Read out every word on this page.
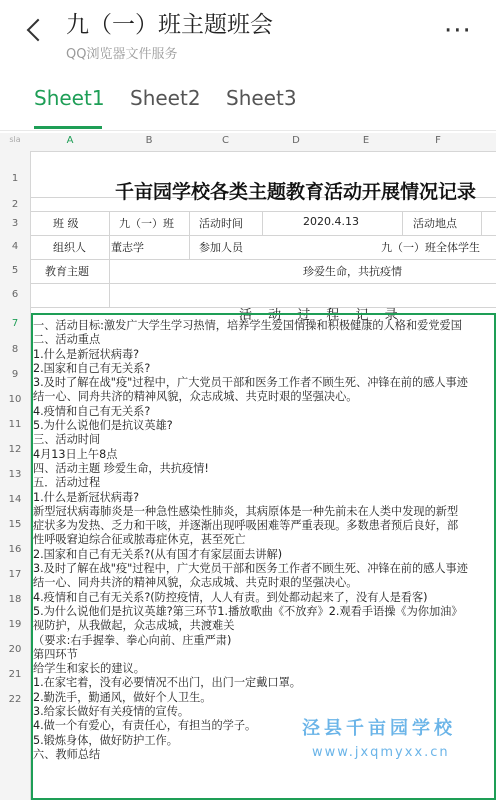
九（一）班主题班会
QQ浏览器文件服务
···
Sheet1 Sheet2 Sheet3
sla	A	B	C	D	E	F
1
2
3
4
5
6
7
8
9
10
11
12
13
14
15
16
17
18
19
20
21
22
千亩园学校各类主题教育活动开展情况记录
班 级	九（一）班 活动时间	2020.4.13	活动地点
组织人 董志学	参加人员	九（一）班全体学生
教育主题	珍爱生命，共抗疫情
活 动 过 程 记 录
一、活动目标:激发广大学生学习热情，培养学生爱国情操和积极健康的人格和爱党爱国
二、活动重点
1.什么是新冠状病毒?
2.国家和自己有无关系?
3.及时了解在战"疫"过程中，广大党员干部和医务工作者不顾生死、冲锋在前的感人事迹
结一心、同舟共济的精神风貌，众志成城、共克时艰的坚强决心。
4.疫情和自己有无关系?
5.为什么说他们是抗议英雄?
三、活动时间
4月13日上午8点
四、活动主题 珍爱生命，共抗疫情!
五．活动过程
1.什么是新冠状病毒?
新型冠状病毒肺炎是一种急性感染性肺炎，其病原体是一种先前未在人类中发现的新型
症状多为发热、乏力和干咳，并逐渐出现呼吸困难等严重表现。多数患者预后良好，部
性呼吸窘迫综合征或脓毒症休克，甚至死亡
2.国家和自己有无关系?(从有国才有家层面去讲解)
3.及时了解在战"疫"过程中，广大党员干部和医务工作者不顾生死、冲锋在前的感人事迹
结一心、同舟共济的精神风貌，众志成城、共克时艰的坚强决心。
4.疫情和自己有无关系?(防控疫情，人人有责。到处都动起来了，没有人是看客)
5.为什么说他们是抗议英雄?第三环节1.播放歌曲《不放弃》2.观看手语操《为你加油》
视防护，从我做起，众志成城，共渡难关
（要求:右手握拳、拳心向前、庄重严肃)
第四环节
给学生和家长的建议。
1.在家宅着，没有必要情况不出门，出门一定戴口罩。
2.勤洗手，勤通风，做好个人卫生。
3.给家长做好有关疫情的宣传。
4.做一个有爱心，有责任心，有担当的学子。
5.锻炼身体，做好防护工作。
六、教师总结
泾县千亩园学校
www.jxqmyxx.cn
